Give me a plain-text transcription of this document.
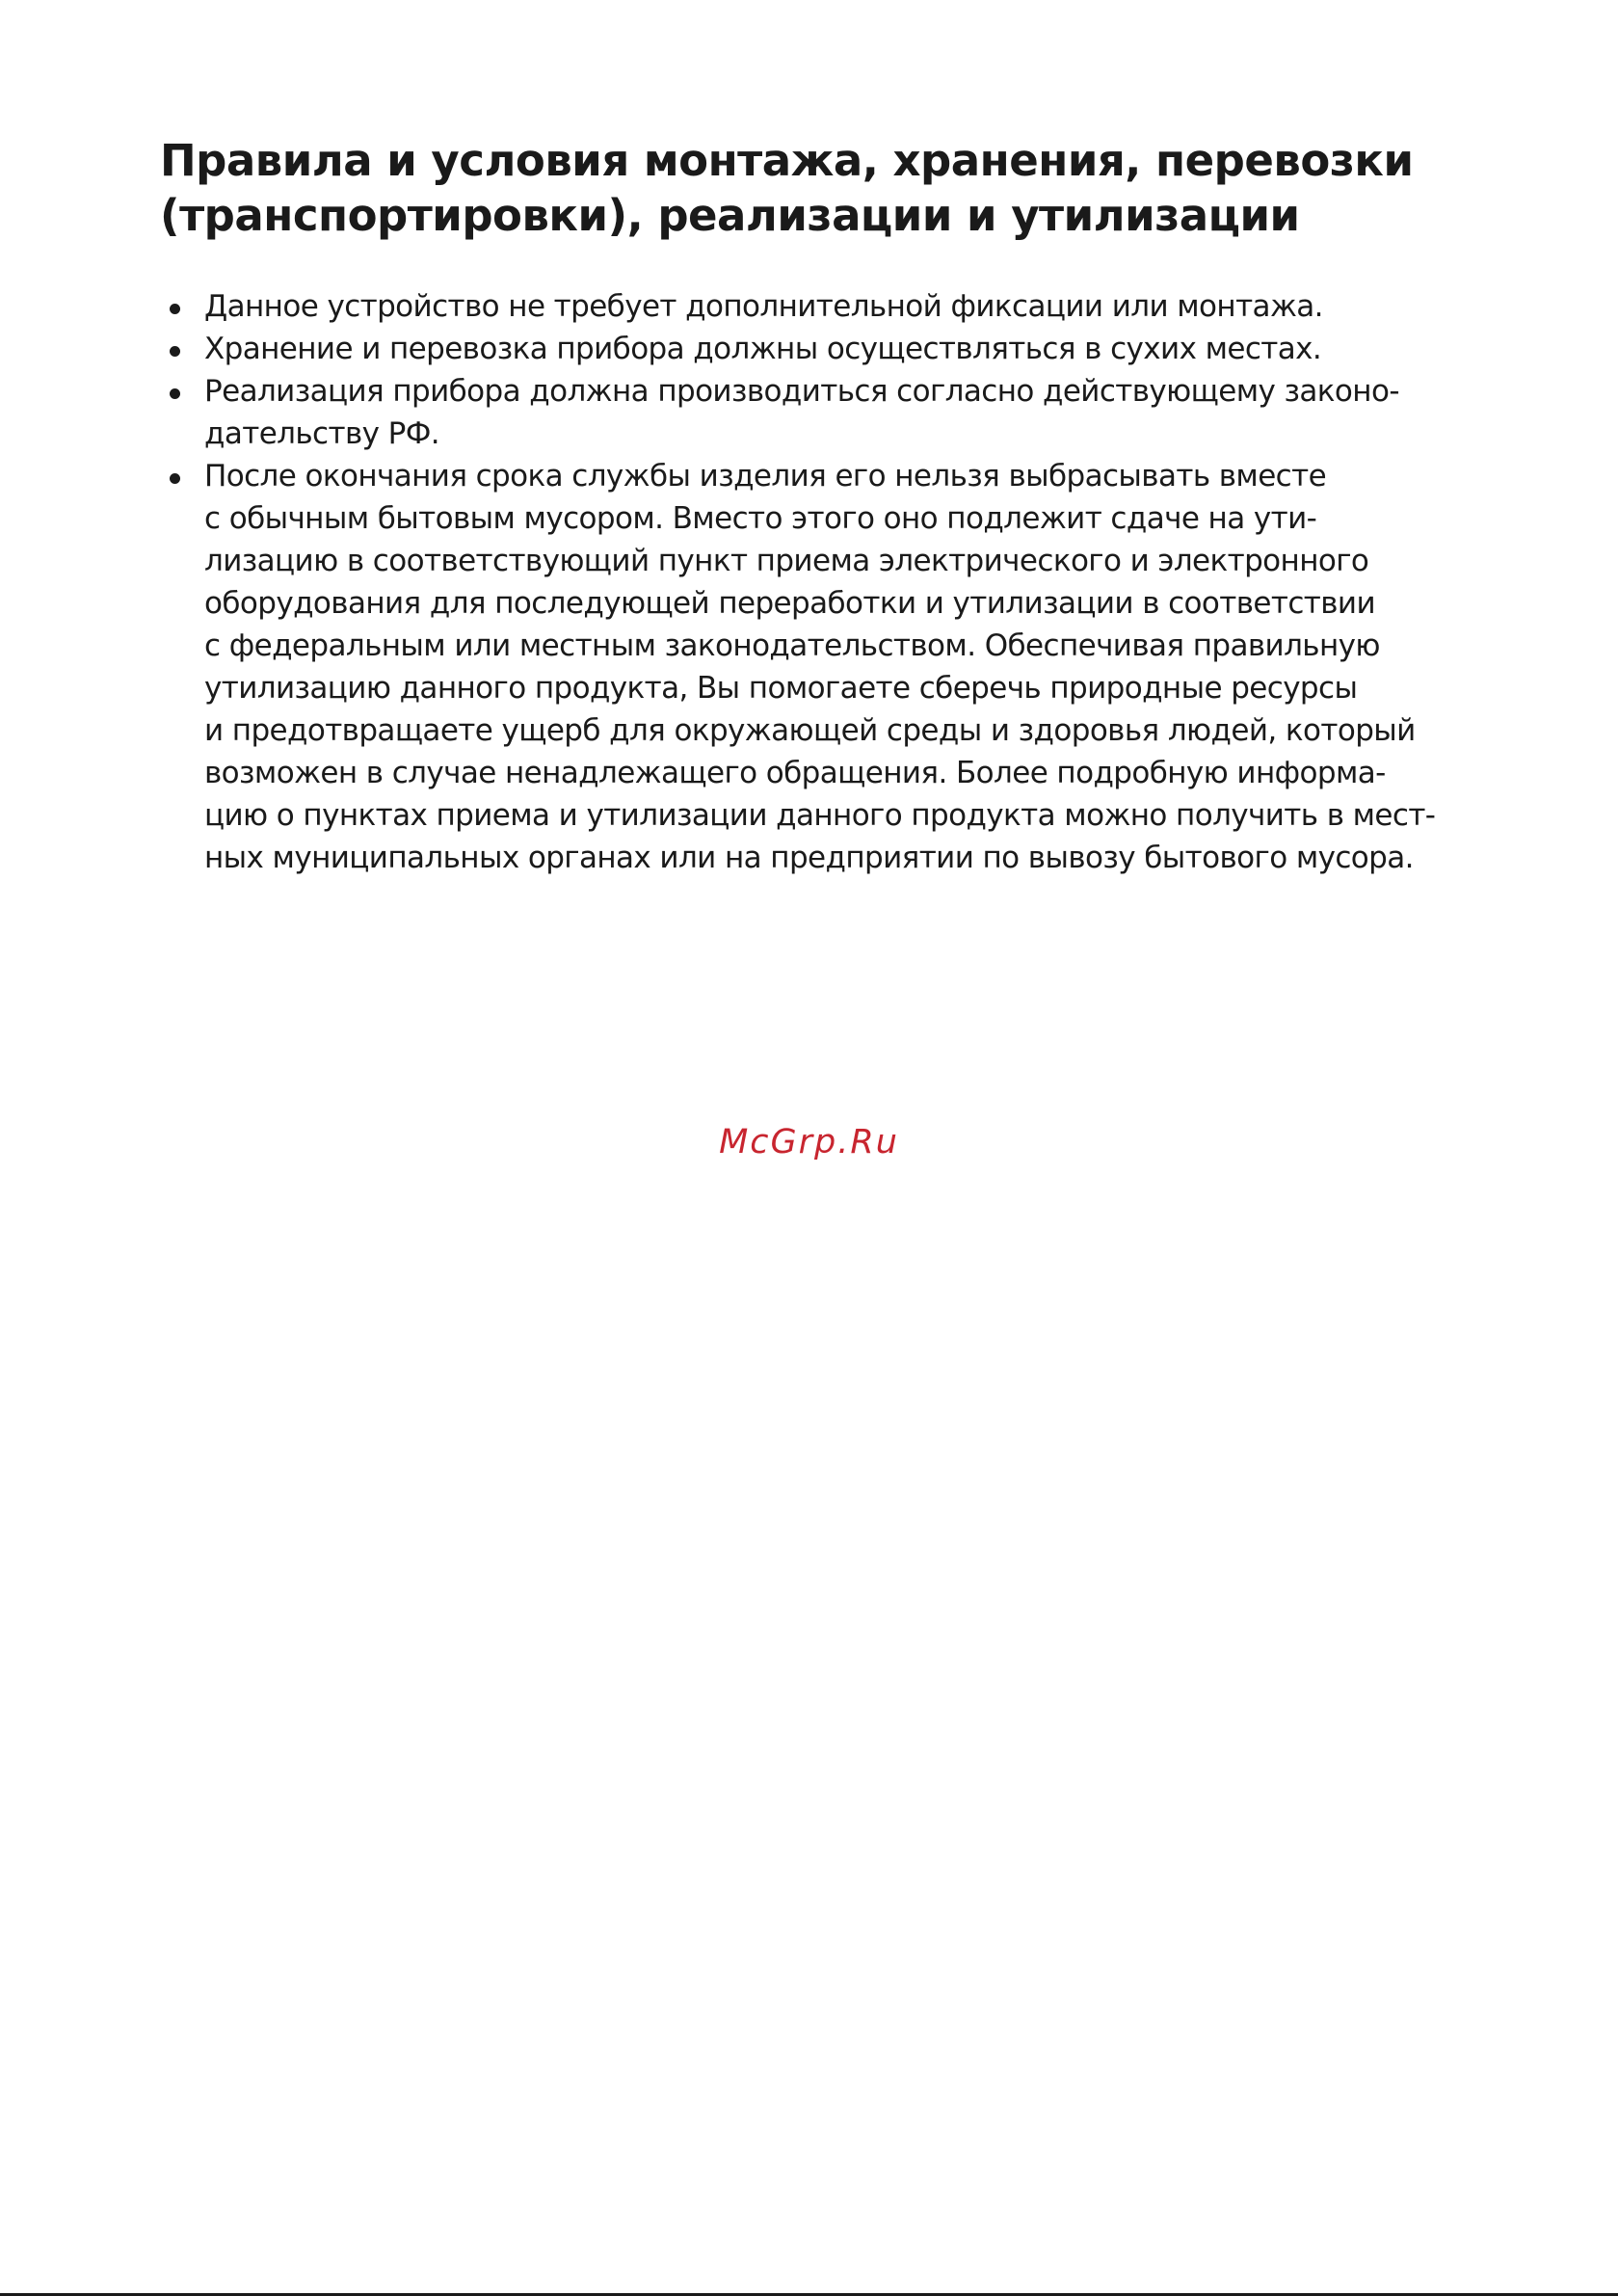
Правила и условия монтажа, хранения, перевозки
(транспортировки), реализации и утилизации
Данное устройство не требует дополнительной фиксации или монтажа.
Хранение и перевозка прибора должны осуществляться в сухих местах.
Реализация прибора должна производиться согласно действующему законо-
дательству РФ.
После окончания срока службы изделия его нельзя выбрасывать вместе
с обычным бытовым мусором. Вместо этого оно подлежит сдаче на ути-
лизацию в соответствующий пункт приема электрического и электронного
оборудования для последующей переработки и утилизации в соответствии
с федеральным или местным законодательством. Обеспечивая правильную
утилизацию данного продукта, Вы помогаете сберечь природные ресурсы
и предотвращаете ущерб для окружающей среды и здоровья людей, который
возможен в случае ненадлежащего обращения. Более подробную информа-
цию о пунктах приема и утилизации данного продукта можно получить в мест-
ных муниципальных органах или на предприятии по вывозу бытового мусора.
McGrp.Ru
